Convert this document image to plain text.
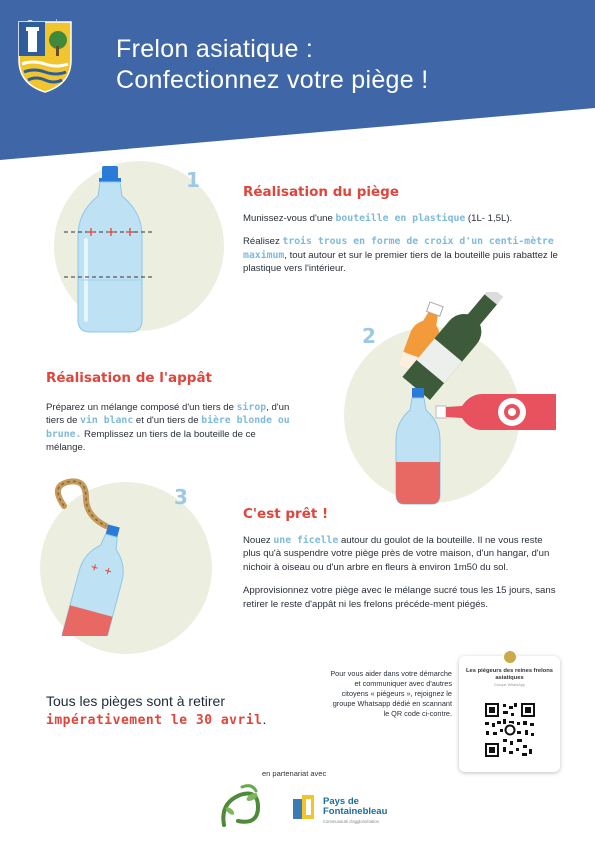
Frelon asiatique :
Confectionnez votre piège !
1	Réalisation du piège

Munissez-vous d'une bouteille en plastique (1L- 1,5L).

Réalisez trois trous en forme de croix d'un centi-mètre maximum, tout autour et sur le premier tiers de la bouteille puis rabattez le plastique vers l'intérieur.

2
Réalisation de l'appât

Préparez un mélange composé d'un tiers de sirop, d'un tiers de vin blanc et d'un tiers de bière blonde ou brune. Remplissez un tiers de la bouteille de ce mélange.

3
C'est prêt !

Nouez une ficelle autour du goulot de la bouteille. Il ne vous reste plus qu'à suspendre votre piège près de votre maison, d'un hangar, d'un nichoir à oiseau ou d'un arbre en fleurs à environ 1m50 du sol.

Approvisionnez votre piège avec le mélange sucré tous les 15 jours, sans retirer le reste d'appât ni les frelons précéde-ment piégés.

Tous les pièges sont à retirer
impérativement le 30 avril.
Pour vous aider dans votre démarche et communiquer avec d'autres citoyens « piégeurs », rejoignez le groupe Whatsapp dédié en scannant le QR code ci-contre.
Les piégeurs des reines frelons asiatiques
Groupe WhatsApp
en partenariat avec
Pays de
Fontainebleau
Communauté d'agglomération
